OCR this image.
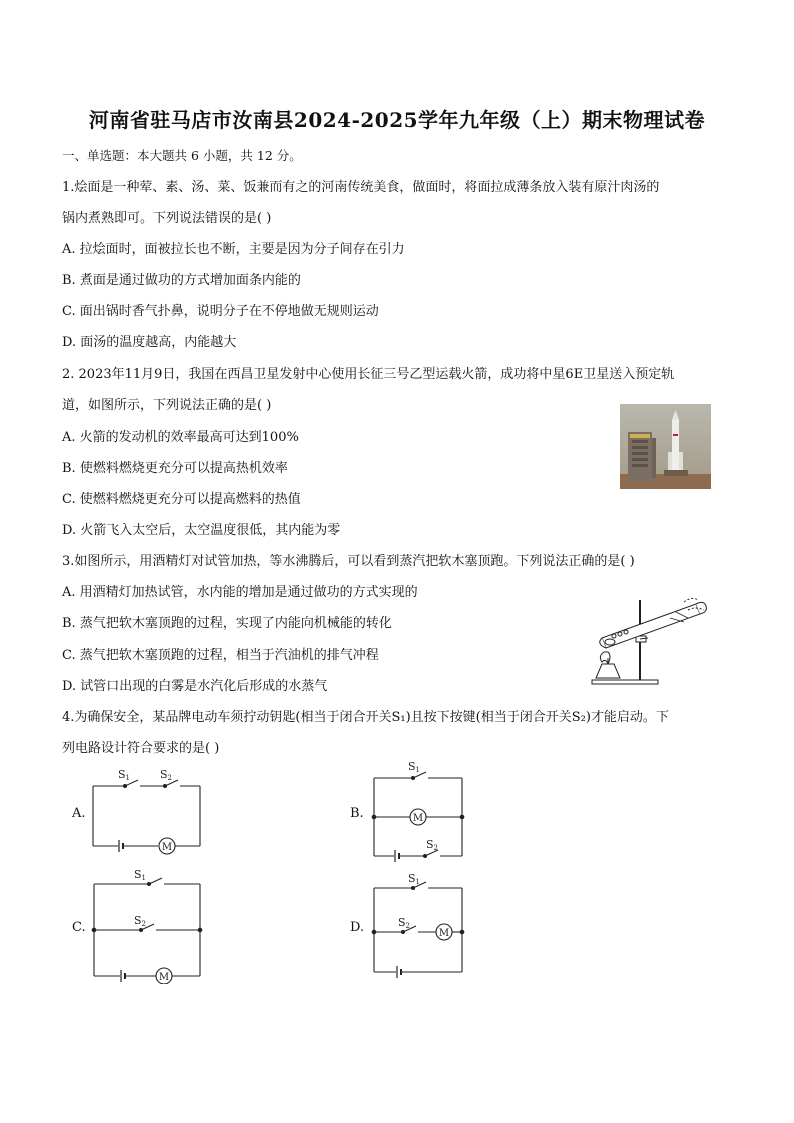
河南省驻马店市汝南县2024-2025学年九年级（上）期末物理试卷
一、单选题：本大题共 6 小题，共 12 分。
1.烩面是一种荤、素、汤、菜、饭兼而有之的河南传统美食，做面时，将面拉成薄条放入装有原汁肉汤的
锅内煮熟即可。下列说法错误的是( )
A. 拉烩面时，面被拉长也不断，主要是因为分子间存在引力
B. 煮面是通过做功的方式增加面条内能的
C. 面出锅时香气扑鼻，说明分子在不停地做无规则运动
D. 面汤的温度越高，内能越大
2. 2023年11月9日，我国在西昌卫星发射中心使用长征三号乙型运载火箭，成功将中星6E卫星送入预定轨
道，如图所示，下列说法正确的是( )
A. 火箭的发动机的效率最高可达到100%
B. 使燃料燃烧更充分可以提高热机效率
C. 使燃料燃烧更充分可以提高燃料的热值
D. 火箭飞入太空后，太空温度很低，其内能为零
3.如图所示，用酒精灯对试管加热，等水沸腾后，可以看到蒸汽把软木塞顶跑。下列说法正确的是( )
A. 用酒精灯加热试管，水内能的增加是通过做功的方式实现的
B. 蒸气把软木塞顶跑的过程，实现了内能向机械能的转化
C. 蒸气把软木塞顶跑的过程，相当于汽油机的排气冲程
D. 试管口出现的白雾是水汽化后形成的水蒸气
4.为确保安全，某品牌电动车须拧动钥匙(相当于闭合开关S₁)且按下按键(相当于闭合开关S₂)才能启动。下
列电路设计符合要求的是( )
A.
M
S1	S2
B.	M
S1
S2
C.
M
S1
S2	D.	M
S1
S2
